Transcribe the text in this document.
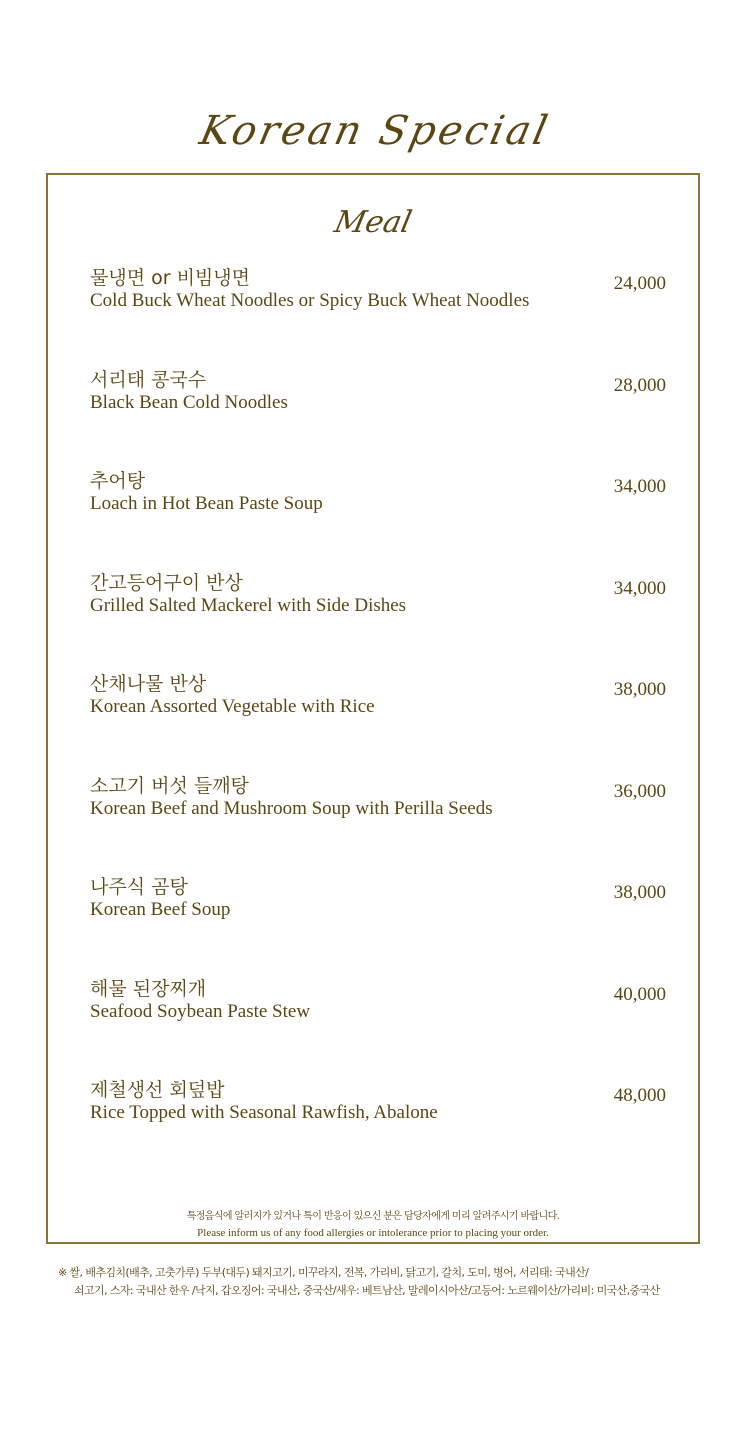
Korean Special
Meal
물냉면 or 비빔냉면
Cold Buck Wheat Noodles or Spicy Buck Wheat Noodles
24,000
서리태 콩국수
Black Bean Cold Noodles
28,000
추어탕
Loach in Hot Bean Paste Soup
34,000
간고등어구이 반상
Grilled Salted Mackerel with Side Dishes
34,000
산채나물 반상
Korean Assorted Vegetable with Rice
38,000
소고기 버섯 들깨탕
Korean Beef and Mushroom Soup with Perilla Seeds
36,000
나주식 곰탕
Korean Beef Soup
38,000
해물 된장찌개
Seafood Soybean Paste Stew
40,000
제철생선 회덮밥
Rice Topped with Seasonal Rawfish, Abalone
48,000
특정음식에 알러지가 있거나 특이 반응이 있으신 분은 담당자에게 미리 알려주시기 바랍니다.
Please inform us of any food allergies or intolerance prior to placing your order.
※ 쌀, 배추김치(배추, 고춧가루) 두부(대두) 돼지고기, 미꾸라지, 전복, 가리비, 닭고기, 갈치, 도미, 병어, 서리태: 국내산/
쇠고기, 스자: 국내산 한우 /낙지, 갑오징어: 국내산, 중국산/새우: 베트남산, 말레이시아산/고등어: 노르웨이산/가리비: 미국산,중국산
